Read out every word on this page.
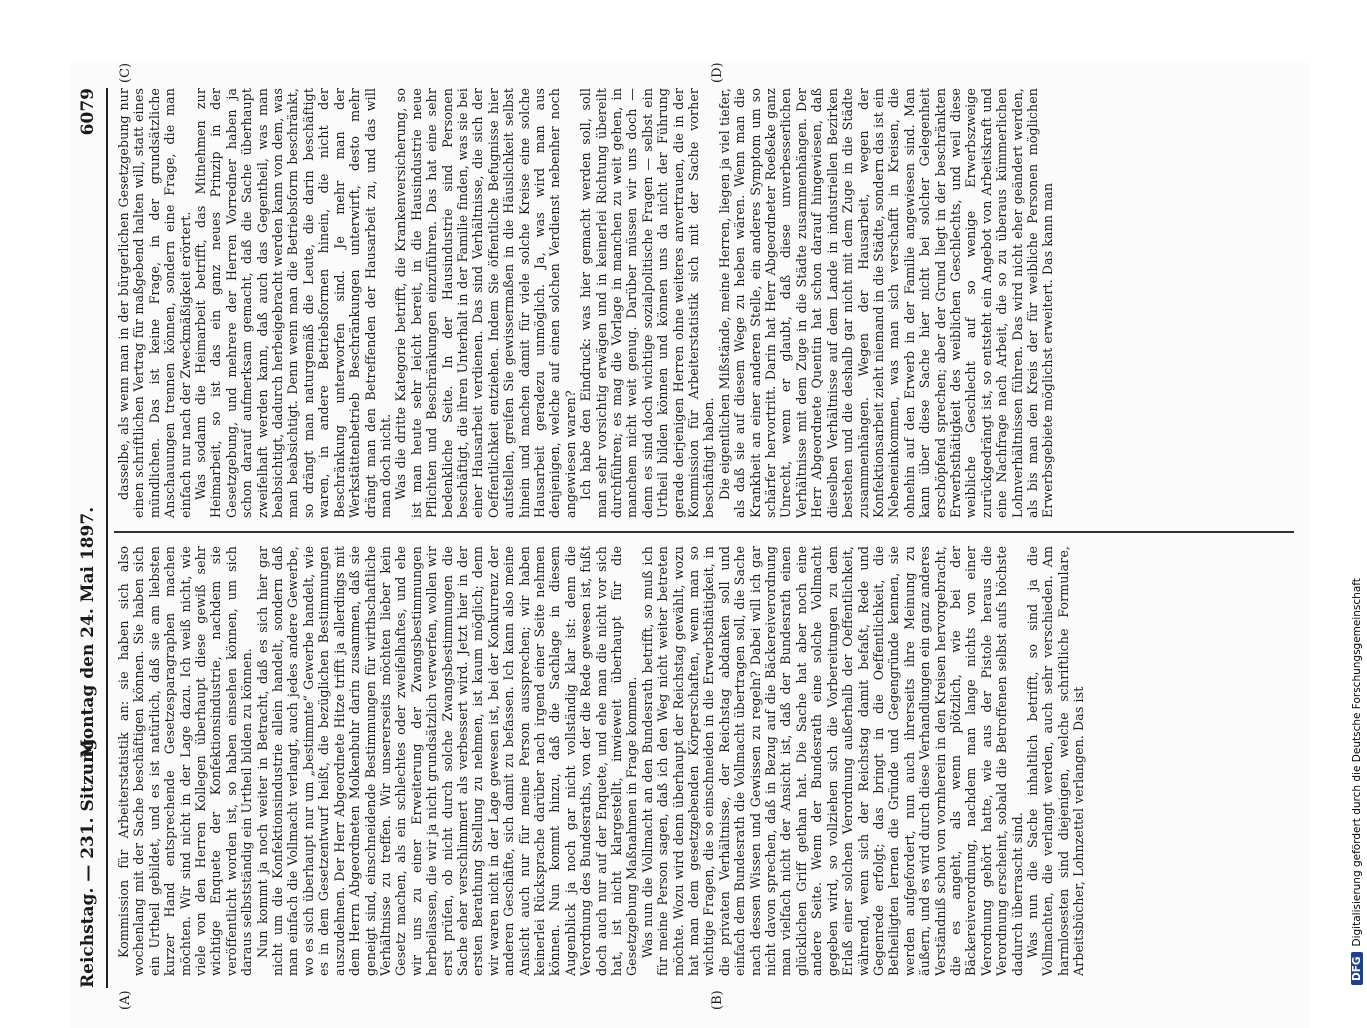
Reichstag. — 231. Sitzung.
Montag den 24. Mai 1897.
6079
(A)	(B)
(C)	(D)

Kommission für Arbeiterstatistik an: sie haben sich also wochenlang mit der Sache beschäftigen können. Sie haben sich ein Urtheil gebildet, und es ist natürlich, daß sie am liebsten kurzer Hand entsprechende Gesetzesparagraphen machen möchten. Wir sind nicht in der Lage dazu. Ich weiß nicht, wie viele von den Herren Kollegen überhaupt diese gewiß sehr wichtige Enquete der Konfektionsindustrie, nachdem sie veröffentlicht worden ist, so haben einsehen können, um sich daraus selbstständig ein Urtheil bilden zu können. Nun kommt ja noch weiter in Betracht, daß es sich hier gar nicht um die Konfektionsindustrie allein handelt, sondern daß man einfach die Vollmacht verlangt, auch jedes andere Gewerbe, wo es sich überhaupt nur um „bestimmte“ Gewerbe handelt, wie es in dem Gesetzentwurf heißt, die bezüglichen Bestimmungen auszudehnen. Der Herr Abgeordnete Hitze trifft ja allerdings mit dem Herrn Abgeordneten Molkenbuhr darin zusammen, daß sie geneigt sind, einschneidende Bestimmungen für wirthschaftliche Verhältnisse zu treffen. Wir unsererseits möchten lieber kein Gesetz machen, als ein schlechtes oder zweifelhaftes, und ehe wir uns zu einer Erweiterung der Zwangsbestimmungen herbeilassen, die wir ja nicht grundsätzlich verwerfen, wollen wir erst prüfen, ob nicht durch solche Zwangsbestimmungen die Sache eher verschlimmert als verbessert wird. Jetzt hier in der ersten Berathung Stellung zu nehmen, ist kaum möglich; denn wir waren nicht in der Lage gewesen ist, bei der Konkurrenz der anderen Geschäfte, sich damit zu befassen. Ich kann also meine Ansicht auch nur für meine Person aussprechen; wir haben keinerlei Rücksprache darüber nach irgend einer Seite nehmen können. Nun kommt hinzu, daß die Sachlage in diesem Augenblick ja noch gar nicht vollständig klar ist: denn die Verordnung des Bundesraths, von der die Rede gewesen ist, fußt doch auch nur auf der Enquete, und ehe man die nicht vor sich hat, ist nicht klargestellt, inwieweit überhaupt für die Gesetzgebung Maßnahmen in Frage kommen. Was nun die Vollmacht an den Bundesrath betrifft, so muß ich für meine Person sagen, daß ich den Weg nicht weiter betreten möchte. Wozu wird denn überhaupt der Reichstag gewählt, wozu hat man dem gesetzgebenden Körperschaften, wenn man so wichtige Fragen, die so einschneiden in die Erwerbsthätigkeit, in die privaten Verhältnisse, der Reichstag abdanken soll und einfach dem Bundesrath die Vollmacht übertragen soll, die Sache nach dessen Wissen und Gewissen zu regeln? Dabei will ich gar nicht davon sprechen, daß in Bezug auf die Bäckereiverordnung man vielfach nicht der Ansicht ist, daß der Bundesrath einen glücklichen Griff gethan hat. Die Sache hat aber noch eine andere Seite. Wenn der Bundesrath eine solche Vollmacht gegeben wird, so vollziehen sich die Vorbereitungen zu dem Erlaß einer solchen Verordnung außerhalb der Oeffentlichkeit, während, wenn sich der Reichstag damit befaßt, Rede und Gegenrede erfolgt; das bringt in die Oeffentlichkeit, die Betheiligten lernen die Gründe und Gegengründe kennen, sie werden aufgefordert, nun auch ihrerseits ihre Meinung zu äußern, und es wird durch diese Verhandlungen ein ganz anderes Verständniß schon von vornherein in den Kreisen hervorgebracht, die es angeht, als wenn plötzlich, wie bei der Bäckereiverordnung, nachdem man lange nichts von einer Verordnung gehört hatte, wie aus der Pistole heraus die Verordnung erscheint, sobald die Betroffenen selbst aufs höchste dadurch überrascht sind. Was nun die Sache inhaltlich betrifft, so sind ja die Vollmachten, die verlangt werden, auch sehr verschieden. Am harmlosesten sind diejenigen, welche schriftliche Formulare, Arbeitsbücher, Lohnzettel verlangen. Das ist

dasselbe, als wenn man in der bürgerlichen Gesetzgebung nur einen schriftlichen Vertrag für maßgebend halten will, statt eines mündlichen. Das ist keine Frage, in der grundsätzliche Anschauungen trennen können, sondern eine Frage, die man einfach nur nach der Zweckmäßigkeit erörtert. Was sodann die Heimarbeit betrifft, das Mitnehmen zur Heimarbeit, so ist das ein ganz neues Prinzip in der Gesetzgebung, und mehrere der Herren Vorredner haben ja schon darauf aufmerksam gemacht, daß die Sache überhaupt zweifelhaft werden kann, daß auch das Gegentheil, was man beabsichtigt, dadurch herbeigebracht werden kann von dem, was man beabsichtigt. Denn wenn man die Betriebsform beschränkt, so drängt man naturgemäß die Leute, die darin beschäftigt waren, in andere Betriebsformen hinein, die nicht der Beschränkung unterworfen sind. Je mehr man der Werkstättenbetrieb Beschränkungen unterwirft, desto mehr drängt man den Betreffenden der Hausarbeit zu, und das will man doch nicht. Was die dritte Kategorie betrifft, die Krankenversicherung, so ist man heute sehr leicht bereit, in die Hausindustrie neue Pflichten und Beschränkungen einzuführen. Das hat eine sehr bedenkliche Seite. In der Hausindustrie sind Personen beschäftigt, die ihren Unterhalt in der Familie finden, was sie bei einer Hausarbeit verdienen. Das sind Verhältnisse, die sich der Oeffentlichkeit entziehen. Indem Sie öffentliche Befugnisse hier aufstellen, greifen Sie gewissermaßen in die Häuslichkeit selbst hinein und machen damit für viele solche Kreise eine solche Hausarbeit geradezu unmöglich. Ja, was wird man aus denjenigen, welche auf einen solchen Verdienst nebenher noch angewiesen waren? Ich habe den Eindruck: was hier gemacht werden soll, soll man sehr vorsichtig erwägen und in keinerlei Richtung übereilt durchführen; es mag die Vorlage in manchen zu weit gehen, in manchem nicht weit genug. Darüber müssen wir uns doch — denn es sind doch wichtige sozialpolitische Fragen — selbst ein Urtheil bilden können und können uns da nicht der Führung gerade derjenigen Herren ohne weiteres anvertrauen, die in der Kommission für Arbeiterstatistik sich mit der Sache vorher beschäftigt haben. Die eigentlichen Mißstände, meine Herren, liegen ja viel tiefer, als daß sie auf diesem Wege zu heben wären. Wenn man die Krankheit an einer anderen Stelle, ein anderes Symptom um so schärfer hervortritt. Darin hat Herr Abgeordneter Roeßeke ganz Unrecht, wenn er glaubt, daß diese unverbesserlichen Verhältnisse mit dem Zuge in die Städte zusammenhängen. Der Herr Abgeordnete Quentin hat schon darauf hingewiesen, daß dieselben Verhältnisse auf dem Lande in industriellen Bezirken bestehen und die deshalb gar nicht mit dem Zuge in die Städte zusammenhängen. Wegen der Hausarbeit, wegen der Konfektionsarbeit zieht niemand in die Städte, sondern das ist ein Nebeneinkommen, was man sich verschafft in Kreisen, die ohnehin auf den Erwerb in der Familie angewiesen sind. Man kann über diese Sache hier nicht bei solcher Gelegenheit erschöpfend sprechen; aber der Grund liegt in der beschränkten Erwerbsthätigkeit des weiblichen Geschlechts, und weil diese weibliche Geschlecht auf so wenige Erwerbszweige zurückgedrängt ist, so entsteht ein Angebot von Arbeitskraft und eine Nachfrage nach Arbeit, die so zu überaus kümmerlichen Lohnverhältnissen führen. Das wird nicht eher geändert werden, als bis man den Kreis der für weibliche Personen möglichen Erwerbsgebiete möglichst erweitert. Das kann man

DFGDigitalisierung gefördert durch die Deutsche Forschungsgemeinschaft
